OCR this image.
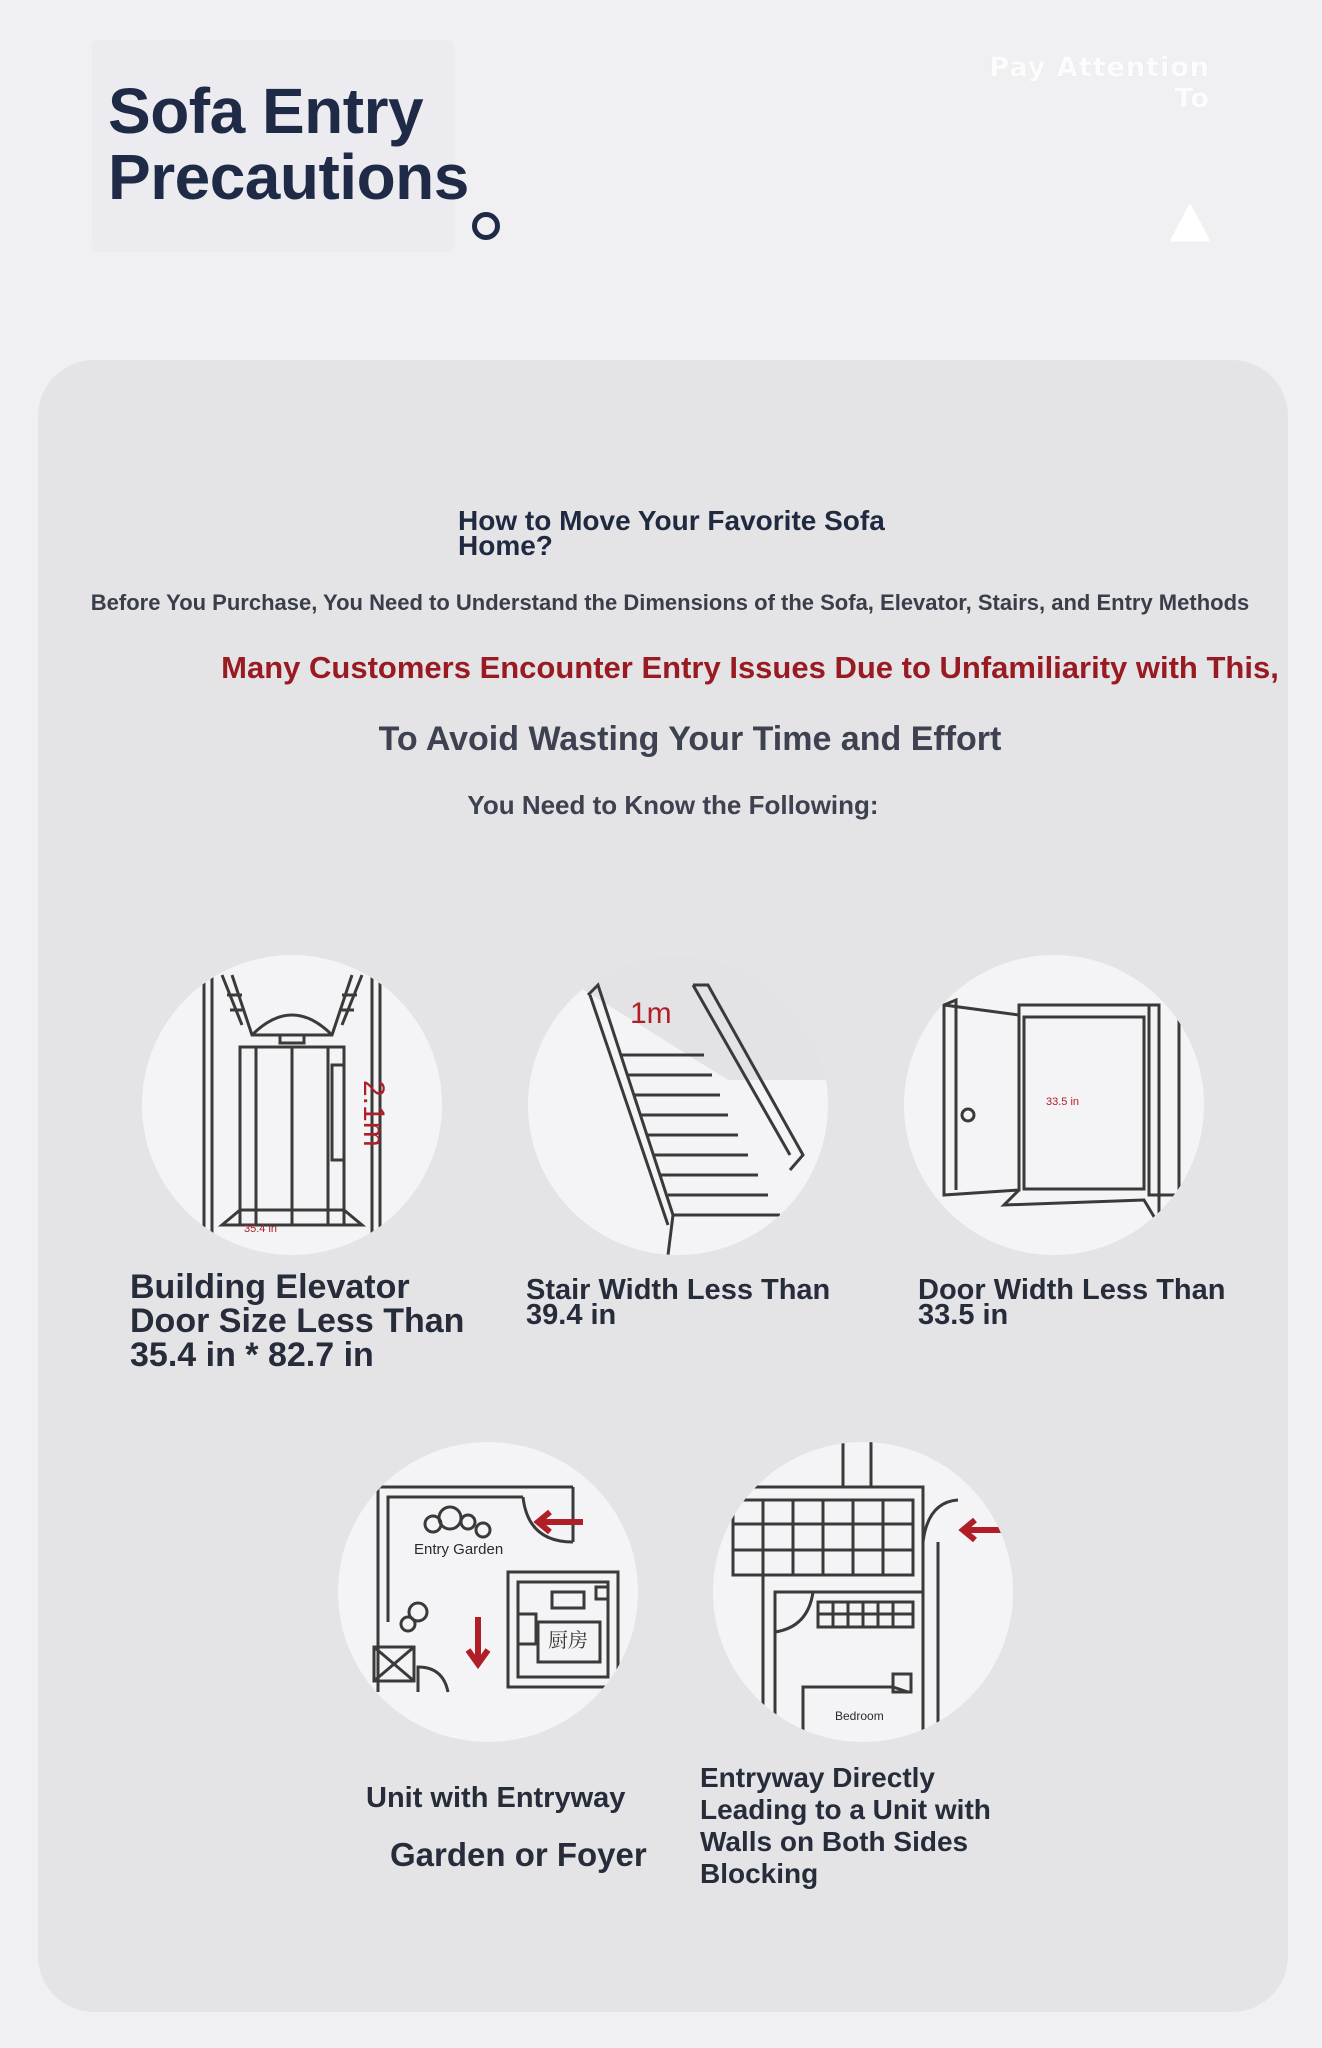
Sofa Entry Precautions
Pay Attention To
How to Move Your Favorite Sofa Home?
Before You Purchase, You Need to Understand the Dimensions of the Sofa, Elevator, Stairs, and Entry Methods
Many Customers Encounter Entry Issues Due to Unfamiliarity with This,
To Avoid Wasting Your Time and Effort
You Need to Know the Following:
2.1m
35.4 in
Building Elevator Door Size Less Than 35.4 in * 82.7 in
1m
Stair Width Less Than 39.4 in
33.5 in
Door Width Less Than 33.5 in
Entry Garden
厨房
Unit with Entryway
Garden or Foyer
Bedroom
Entryway Directly Leading to a Unit with Walls on Both Sides Blocking
